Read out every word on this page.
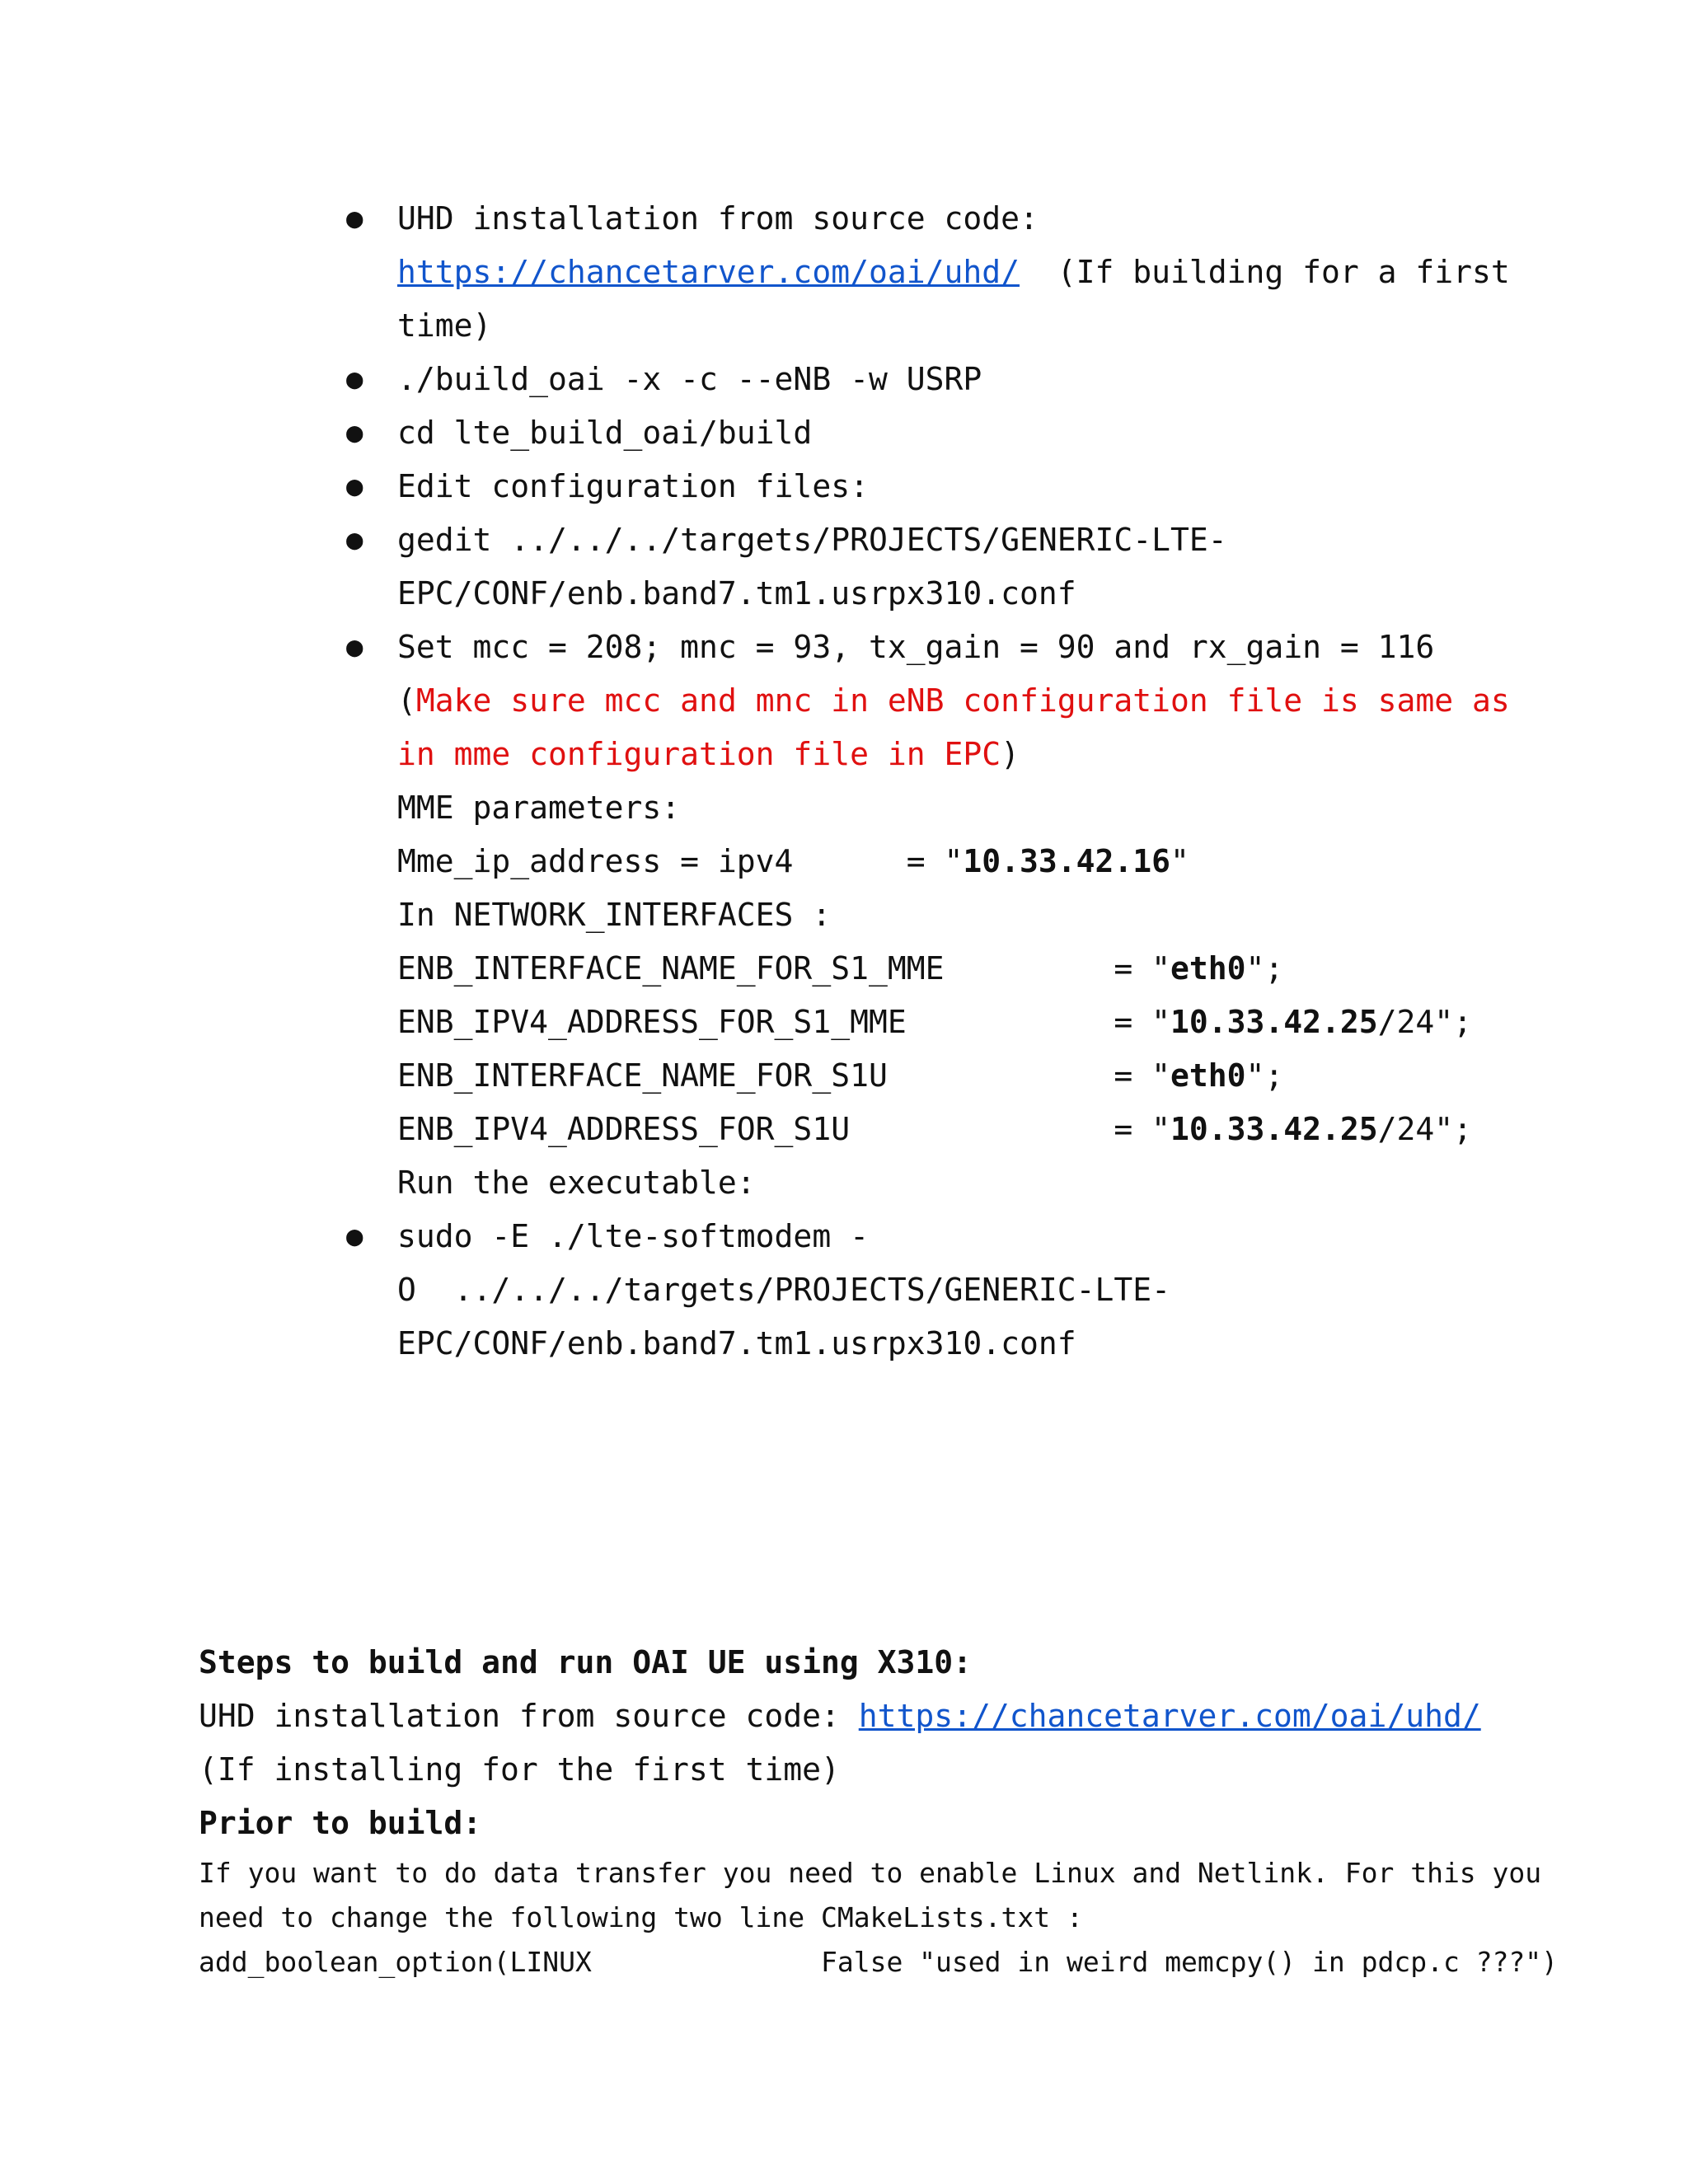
● UHD installation from source code:
https://chancetarver.com/oai/uhd/  (If building for a first
time)
● ./build_oai -x -c --eNB -w USRP
● cd lte_build_oai/build
● Edit configuration files:
● gedit ../../../targets/PROJECTS/GENERIC-LTE-
EPC/CONF/enb.band7.tm1.usrpx310.conf
● Set mcc = 208; mnc = 93, tx_gain = 90 and rx_gain = 116
(Make sure mcc and mnc in eNB configuration file is same as
in mme configuration file in EPC)
MME parameters:
Mme_ip_address = ipv4      = "10.33.42.16"
In NETWORK_INTERFACES :
ENB_INTERFACE_NAME_FOR_S1_MME         = "eth0";
ENB_IPV4_ADDRESS_FOR_S1_MME           = "10.33.42.25/24";
ENB_INTERFACE_NAME_FOR_S1U            = "eth0";
ENB_IPV4_ADDRESS_FOR_S1U              = "10.33.42.25/24";
Run the executable:
● sudo -E ./lte-softmodem -
O  ../../../targets/PROJECTS/GENERIC-LTE-
EPC/CONF/enb.band7.tm1.usrpx310.conf
Steps to build and run OAI UE using X310:
UHD installation from source code: https://chancetarver.com/oai/uhd/
(If installing for the first time)
Prior to build:
If you want to do data transfer you need to enable Linux and Netlink. For this you
need to change the following two line CMakeLists.txt :
add_boolean_option(LINUX              False "used in weird memcpy() in pdcp.c ???")
